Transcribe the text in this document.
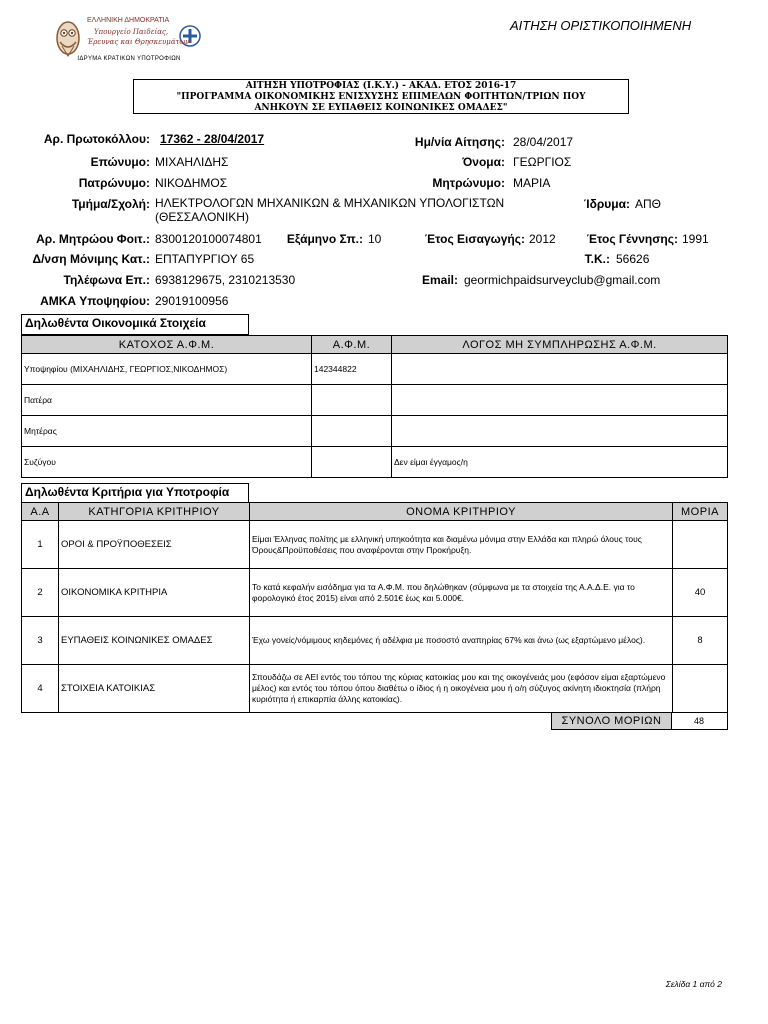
ΕΛΛΗΝΙΚΗ ΔΗΜΟΚΡΑΤΙΑ
Υπουργείο Παιδείας,
Έρευνας και Θρησκευμάτων
ΙΔΡΥΜΑ ΚΡΑΤΙΚΩΝ ΥΠΟΤΡΟΦΙΩΝ
ΑΙΤΗΣΗ ΟΡΙΣΤΙΚΟΠΟΙΗΜΕΝΗ
ΑΙΤΗΣΗ ΥΠΟΤΡΟΦΙΑΣ (Ι.Κ.Υ.) - ΑΚΑΔ. ΕΤΟΣ 2016-17
"ΠΡΟΓΡΑΜΜΑ ΟΙΚΟΝΟΜΙΚΗΣ ΕΝΙΣΧΥΣΗΣ ΕΠΙΜΕΛΩΝ ΦΟΙΤΗΤΩΝ/ΤΡΙΩΝ ΠΟΥ
ΑΝΗΚΟΥΝ ΣΕ ΕΥΠΑΘΕΙΣ ΚΟΙΝΩΝΙΚΕΣ ΟΜΑΔΕΣ"
Αρ. Πρωτοκόλλου: 17362 - 28/04/2017	Ημ/νία Αίτησης: 28/04/2017
Επώνυμο: ΜΙΧΑΗΛΙΔΗΣ	Όνομα: ΓΕΩΡΓΙΟΣ
Πατρώνυμο: ΝΙΚΟΔΗΜΟΣ	Μητρώνυμο: ΜΑΡΙΑ
Τμήμα/Σχολή: ΗΛΕΚΤΡΟΛΟΓΩΝ ΜΗΧΑΝΙΚΩΝ & ΜΗΧΑΝΙΚΩΝ ΥΠΟΛΟΓΙΣΤΩΝ
(ΘΕΣΣΑΛΟΝΙΚΗ)
Ίδρυμα: ΑΠΘ
Αρ. Μητρώου Φοιτ.: 8300120100074801	Εξάμηνο Σπ.: 10	Έτος Εισαγωγής: 2012	Έτος Γέννησης: 1991
Δ/νση Μόνιμης Κατ.: ΕΠΤΑΠΥΡΓΙΟΥ 65	Τ.Κ.: 56626
Τηλέφωνα Επ.: 6938129675, 2310213530	Email: geormichpaidsurveyclub@gmail.com
ΑΜΚΑ Υποψηφίου: 29019100956
Δηλωθέντα Οικονομικά Στοιχεία
ΚΑΤΟΧΟΣ Α.Φ.Μ.	Α.Φ.Μ.	ΛΟΓΟΣ ΜΗ ΣΥΜΠΛΗΡΩΣΗΣ Α.Φ.Μ.
Υποψηφίου (ΜΙΧΑΗΛΙΔΗΣ, ΓΕΩΡΓΙΟΣ,ΝΙΚΟΔΗΜΟΣ)	142344822	
Πατέρα		
Μητέρας		
Συζύγου		Δεν είμαι έγγαμος/η
Δηλωθέντα Κριτήρια για Υποτροφία
Α.Α	ΚΑΤΗΓΟΡΙΑ ΚΡΙΤΗΡΙΟΥ	ΟΝΟΜΑ ΚΡΙΤΗΡΙΟΥ	ΜΟΡΙΑ
1	ΟΡΟΙ & ΠΡΟΫΠΟΘΕΣΕΙΣ	Είμαι Έλληνας πολίτης με ελληνική υπηκοότητα και διαμένω μόνιμα στην Ελλάδα και πληρώ όλους τους Όρους&Προϋποθέσεις που αναφέρονται στην Προκήρυξη.	
2	ΟΙΚΟΝΟΜΙΚΑ ΚΡΙΤΗΡΙΑ	Το κατά κεφαλήν εισόδημα για τα Α.Φ.Μ. που δηλώθηκαν (σύμφωνα με τα στοιχεία της Α.Α.Δ.Ε. για το φορολογικό έτος 2015) είναι από 2.501€ έως και 5.000€.	40
3	ΕΥΠΑΘΕΙΣ ΚΟΙΝΩΝΙΚΕΣ ΟΜΑΔΕΣ	Έχω γονείς/νόμιμους κηδεμόνες ή αδέλφια με ποσοστό αναπηρίας 67% και άνω (ως εξαρτώμενο μέλος).	8
4	ΣΤΟΙΧΕΙΑ ΚΑΤΟΙΚΙΑΣ	Σπουδάζω σε ΑΕΙ εντός του τόπου της κύριας κατοικίας μου και της οικογένειάς μου (εφόσον είμαι εξαρτώμενο μέλος) και εντός του τόπου όπου διαθέτω ο ίδιος ή η οικογένεια μου ή ο/η σύζυγος ακίνητη ιδιοκτησία (πλήρη κυριότητα ή επικαρπία άλλης κατοικίας).	
ΣΥΝΟΛΟ ΜΟΡΙΩΝ	48
Σελίδα 1 από 2
